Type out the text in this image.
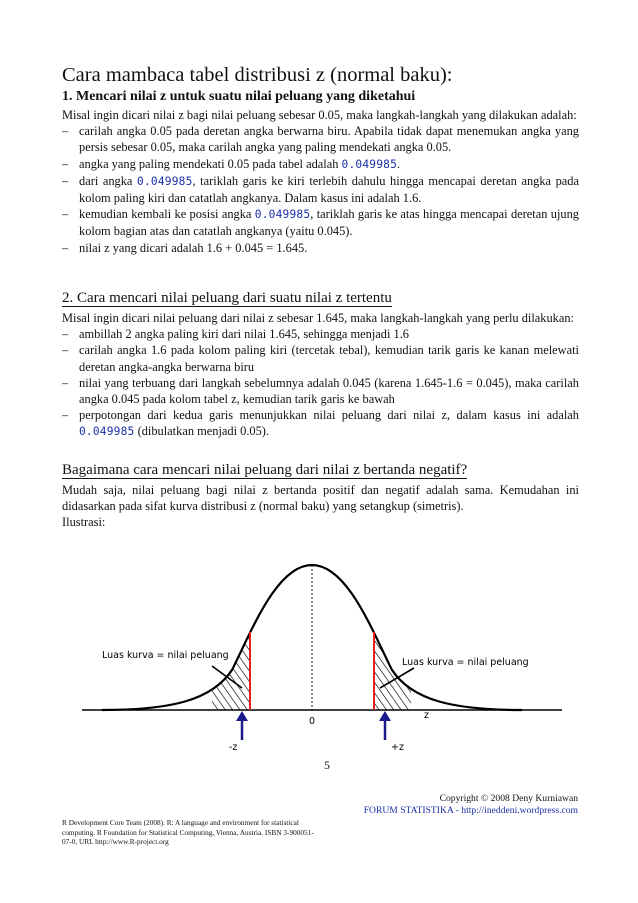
Cara mambaca tabel distribusi z (normal baku):
1. Mencari nilai z untuk suatu nilai peluang yang diketahui

Misal ingin dicari nilai z bagi nilai peluang sebesar 0.05, maka langkah-langkah yang dilakukan adalah:

– carilah angka 0.05 pada deretan angka berwarna biru. Apabila tidak dapat menemukan angka yang persis sebesar 0.05, maka carilah angka yang paling mendekati angka 0.05.
– angka yang paling mendekati 0.05 pada tabel adalah 0.049985.
– dari angka 0.049985, tariklah garis ke kiri terlebih dahulu hingga mencapai deretan angka pada kolom paling kiri dan catatlah angkanya. Dalam kasus ini adalah 1.6.
– kemudian kembali ke posisi angka 0.049985, tariklah garis ke atas hingga mencapai deretan ujung kolom bagian atas dan catatlah angkanya (yaitu 0.045).
– nilai z yang dicari adalah 1.6 + 0.045 = 1.645.
2. Cara mencari nilai peluang dari suatu nilai z tertentu

Misal ingin dicari nilai peluang dari nilai z sebesar 1.645, maka langkah-langkah yang perlu dilakukan:

– ambillah 2 angka paling kiri dari nilai 1.645, sehingga menjadi 1.6
– carilah angka 1.6 pada kolom paling kiri (tercetak tebal), kemudian tarik garis ke kanan melewati deretan angka-angka berwarna biru
– nilai yang terbuang dari langkah sebelumnya adalah 0.045 (karena 1.645-1.6 = 0.045), maka carilah angka 0.045 pada kolom tabel z, kemudian tarik garis ke bawah
– perpotongan dari kedua garis menunjukkan nilai peluang dari nilai z, dalam kasus ini adalah 0.049985 (dibulatkan menjadi 0.05).
Bagaimana cara mencari nilai peluang dari nilai z bertanda negatif?

Mudah saja, nilai peluang bagi nilai z bertanda positif dan negatif adalah sama. Kemudahan ini didasarkan pada sifat kurva distribusi z (normal baku) yang setangkup (simetris).

Ilustrasi:

Luas kurva = nilai peluang
Luas kurva = nilai peluang
0
z
-z	+z
5
Copyright © 2008 Deny Kurniawan
FORUM STATISTIKA - http://ineddeni.wordpress.com
R Development Core Team (2008). R: A language and environment for statistical computing. R Foundation for Statistical Computing, Vienna, Austria. ISBN 3-900051-07-0, URL http://www.R-project.org
